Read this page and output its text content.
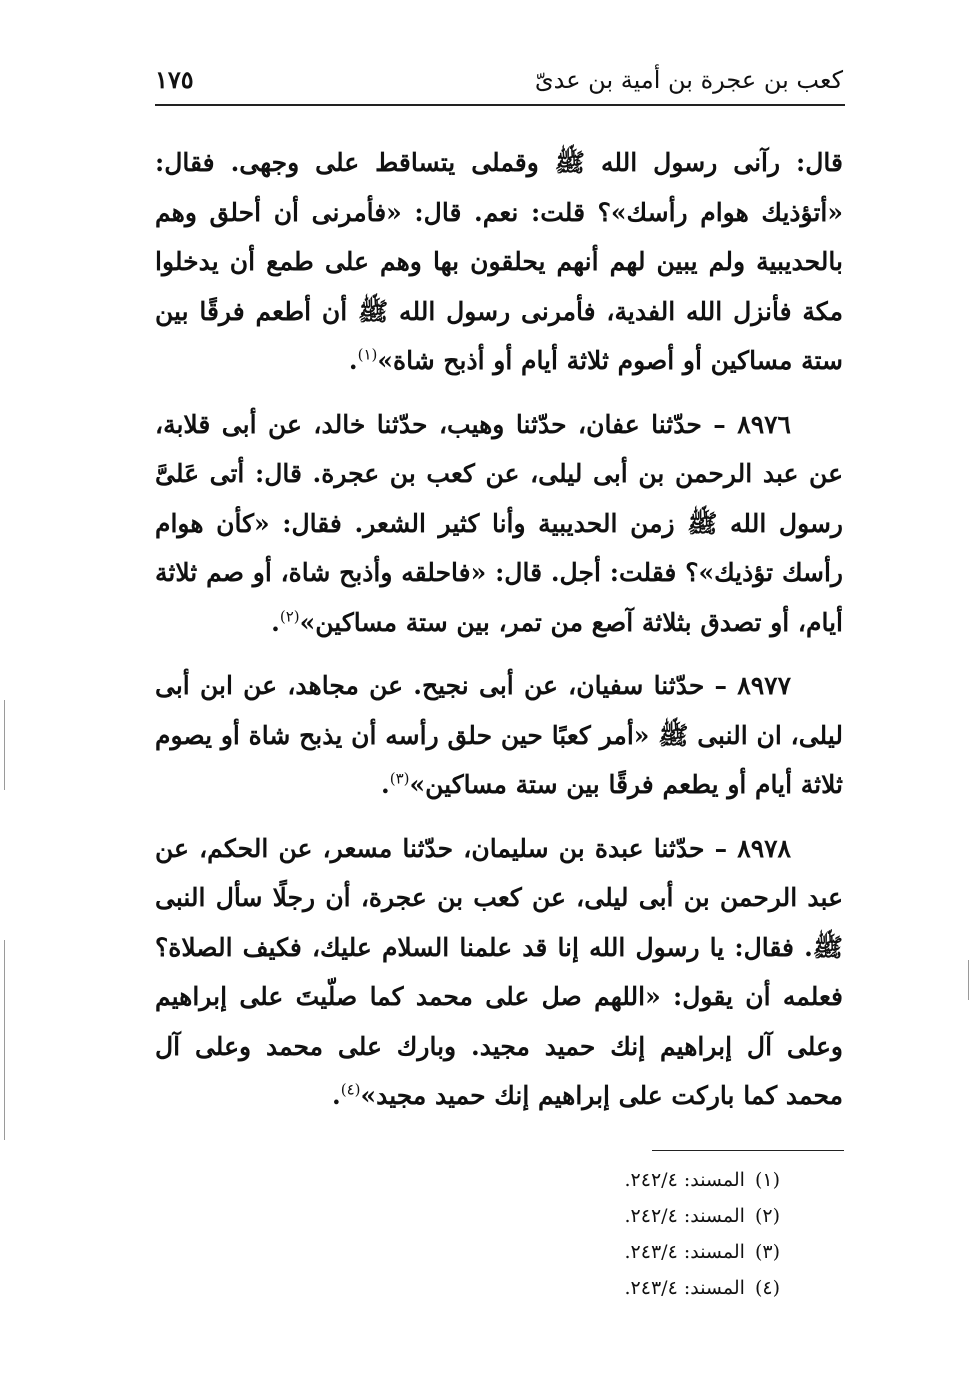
كعب بن عجرة بن أمية بن عدىّ
١٧٥

قال: رآنى رسول الله ﷺ وقملى يتساقط على وجهى. فقال: «أتؤذيك هوام رأسك»؟ قلت: نعم. قال: «فأمرنى أن أحلق وهم بالحديبية ولم يبين لهم أنهم يحلقون بها وهم على طمع أن يدخلوا مكة فأنزل الله الفدية، فأمرنى رسول الله ﷺ أن أطعم فرقًا بين ستة مساكين أو أصوم ثلاثة أيام أو أذبح شاة»$^{(١)}$.

٨٩٧٦ – حدّثنا عفان، حدّثنا وهيب، حدّثنا خالد، عن أبى قلابة، عن عبد الرحمن بن أبى ليلى، عن كعب بن عجرة. قال: أتى عَلىَّ رسول الله ﷺ زمن الحديبية وأنا كثير الشعر. فقال: «كأن هوام رأسك تؤذيك»؟ فقلت: أجل. قال: «فاحلقه وأذبح شاة، أو صم ثلاثة أيام، أو تصدق بثلاثة آصع من تمر، بين ستة مساكين»$^{(٢)}$.

٨٩٧٧ – حدّثنا سفيان، عن أبى نجيح. عن مجاهد، عن ابن أبى ليلى، ان النبى ﷺ «أمر كعبًا حين حلق رأسه أن يذبح شاة أو يصوم ثلاثة أيام أو يطعم فرقًا بين ستة مساكين»$^{(٣)}$.

٨٩٧٨ – حدّثنا عبدة بن سليمان، حدّثنا مسعر، عن الحكم، عن عبد الرحمن بن أبى ليلى، عن كعب بن عجرة، أن رجلًا سأل النبى ﷺ. فقال: يا رسول الله إنا قد علمنا السلام عليك، فكيف الصلاة؟ فعلمه أن يقول: «اللهم صل على محمد كما صلّيتَ على إبراهيم وعلى آل إبراهيم إنك حميد مجيد. وبارك على محمد وعلى آل محمد كما باركت على إبراهيم إنك حميد مجيد»$^{(٤)}$.

(١)المسند: ٢٤٢/٤.
(٢)المسند: ٢٤٢/٤.
(٣)المسند: ٢٤٣/٤.
(٤)المسند: ٢٤٣/٤.
